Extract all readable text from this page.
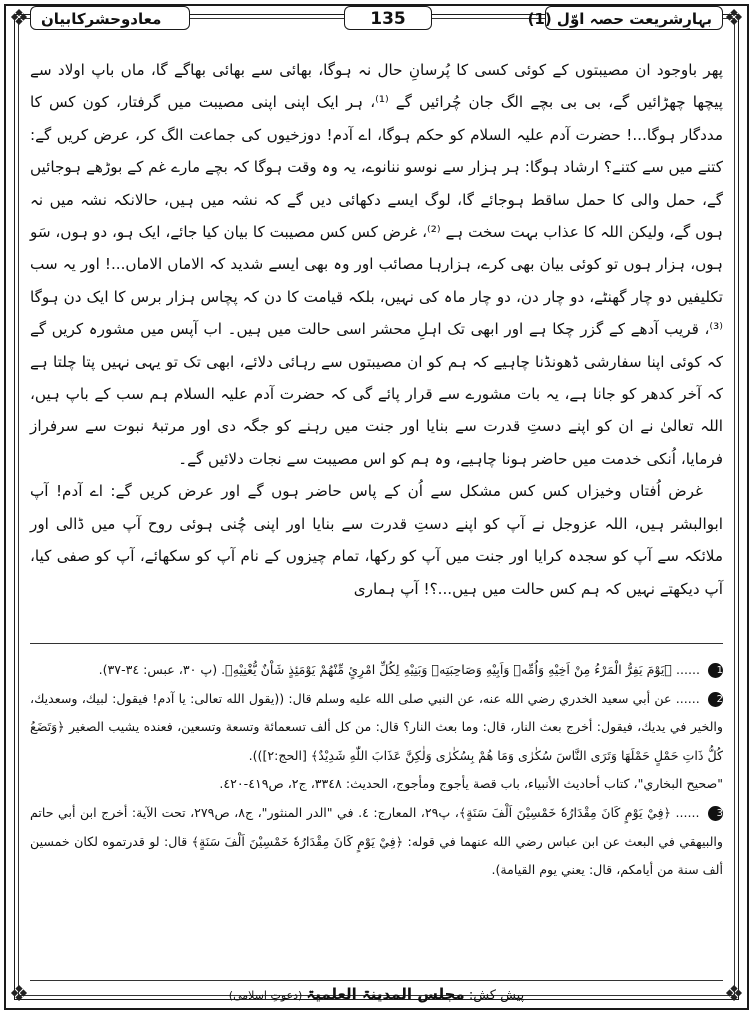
❖	❖
❖	❖
بہارِشریعت حصہ اوّل (1)
135
معادوحشرکابیان

پھر باوجود ان مصیبتوں کے کوئی کسی کا پُرسانِ حال نہ ہوگا، بھائی سے بھائی بھاگے گا، ماں باپ اولاد سے پیچھا چھڑائیں گے، بی بی بچے الگ جان چُرائیں گے ⁽¹⁾، ہر ایک اپنی اپنی مصیبت میں گرفتار، کون کس کا مددگار ہوگا...! حضرت آدم علیہ السلام کو حکم ہوگا، اے آدم! دوزخیوں کی جماعت الگ کر، عرض کریں گے: کتنے میں سے کتنے؟ ارشاد ہوگا: ہر ہزار سے نوسو ننانوے، یہ وہ وقت ہوگا کہ بچے مارے غم کے بوڑھے ہوجائیں گے، حمل والی کا حمل ساقط ہوجائے گا، لوگ ایسے دکھائی دیں گے کہ نشہ میں ہیں، حالانکہ نشہ میں نہ ہوں گے، ولیکن اللہ کا عذاب بہت سخت ہے ⁽²⁾، غرض کس کس مصیبت کا بیان کیا جائے، ایک ہو، دو ہوں، سَو ہوں، ہزار ہوں تو کوئی بیان بھی کرے، ہزارہا مصائب اور وہ بھی ایسے شدید کہ الاماں الاماں...! اور یہ سب تکلیفیں دو چار گھنٹے، دو چار دن، دو چار ماہ کی نہیں، بلکہ قیامت کا دن کہ پچاس ہزار برس کا ایک دن ہوگا ⁽³⁾، قریب آدھے کے گزر چکا ہے اور ابھی تک اہلِ محشر اسی حالت میں ہیں۔ اب آپس میں مشورہ کریں گے کہ کوئی اپنا سفارشی ڈھونڈنا چاہیے کہ ہم کو ان مصیبتوں سے رہائی دلائے، ابھی تک تو یہی نہیں پتا چلتا ہے کہ آخر کدھر کو جانا ہے، یہ بات مشورے سے قرار پائے گی کہ حضرت آدم علیہ السلام ہم سب کے باپ ہیں، اللہ تعالیٰ نے ان کو اپنے دستِ قدرت سے بنایا اور جنت میں رہنے کو جگہ دی اور مرتبۂ نبوت سے سرفراز فرمایا، اُنکی خدمت میں حاضر ہونا چاہیے، وہ ہم کو اس مصیبت سے نجات دلائیں گے۔

غرض اُفتاں وخیزاں کس کس مشکل سے اُن کے پاس حاضر ہوں گے اور عرض کریں گے: اے آدم! آپ ابوالبشر ہیں، اللہ عزوجل نے آپ کو اپنے دستِ قدرت سے بنایا اور اپنی چُنی ہوئی روح آپ میں ڈالی اور ملائکہ سے آپ کو سجدہ کرایا اور جنت میں آپ کو رکھا، تمام چیزوں کے نام آپ کو سکھائے، آپ کو صفی کیا، آپ دیکھتے نہیں کہ ہم کس حالت میں ہیں...؟! آپ ہماری

1 ...... ﴿يَوْمَ يَفِرُّ الْمَرْءُ مِنْ اَخِيْهِ وَاُمِّهٖ وَاَبِيْهِ وَصَاحِبَتِهٖ وَبَنِيْهِ لِكُلِّ امْرِئٍ مِّنْهُمْ يَوْمَئِذٍ شَاْنٌ يُّغْنِيْهِ﴾. (پ ٣٠، عبس: ٣٤-٣٧).

2 ...... عن أبي سعيد الخدري رضي الله عنه، عن النبي صلى الله عليه وسلم قال: ((يقول الله تعالى: يا آدم! فيقول: لبيك، وسعديك، والخير في يديك، فيقول: أخرج بعث النار، قال: وما بعث النار؟ قال: من كل ألف تسعمائة وتسعة وتسعين، فعنده يشيب الصغير ﴿وَتَضَعُ كُلُّ ذَاتِ حَمْلٍ حَمْلَهَا وَتَرَى النَّاسَ سُكٰرٰى وَمَا هُمْ بِسُكٰرٰى وَلٰكِنَّ عَذَابَ اللّٰهِ شَدِيْدٌ﴾ [الحج:٢])).

"صحيح البخاري"، كتاب أحاديث الأنبياء، باب قصة يأجوج ومأجوج، الحديث: ٣٣٤٨، ج٢، ص٤١٩-٤٢٠.

3 ...... ﴿فِيْ يَوْمٍ كَانَ مِقْدَارُهٗ خَمْسِيْنَ اَلْفَ سَنَةٍ﴾، پ٢٩، المعارج: ٤. في "الدر المنثور"، ج٨، ص٢٧٩، تحت الآية: أخرج ابن أبي حاتم والبيهقي في البعث عن ابن عباس رضي الله عنهما في قوله: ﴿فِيْ يَوْمٍ كَانَ مِقْدَارُهٗ خَمْسِيْنَ اَلْفَ سَنَةٍ﴾ قال: لو قدرتموه لكان خمسين ألف سنة من أيامكم، قال: يعني يوم القيامة).

پیش کش: مجلس المدینۃ العلمیۃ (دعوتِ اسلامی)
